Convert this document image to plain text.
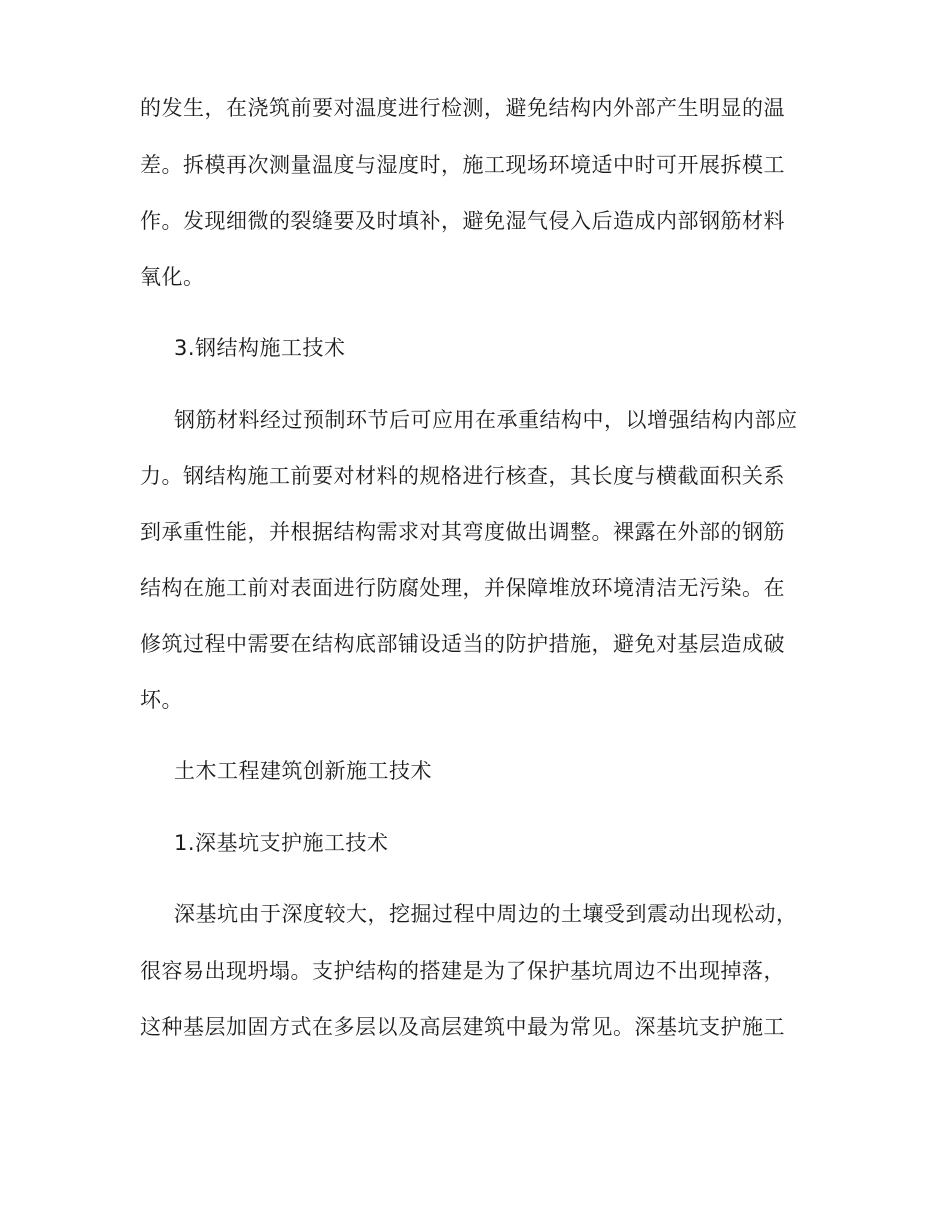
的发生，在浇筑前要对温度进行检测，避免结构内外部产生明显的温
差。拆模再次测量温度与湿度时，施工现场环境适中时可开展拆模工
作。发现细微的裂缝要及时填补，避免湿气侵入后造成内部钢筋材料
氧化。
3.钢结构施工技术
钢筋材料经过预制环节后可应用在承重结构中，以增强结构内部应
力。钢结构施工前要对材料的规格进行核查，其长度与横截面积关系
到承重性能，并根据结构需求对其弯度做出调整。裸露在外部的钢筋
结构在施工前对表面进行防腐处理，并保障堆放环境清洁无污染。在
修筑过程中需要在结构底部铺设适当的防护措施，避免对基层造成破
坏。
土木工程建筑创新施工技术
1.深基坑支护施工技术
深基坑由于深度较大，挖掘过程中周边的土壤受到震动出现松动，
很容易出现坍塌。支护结构的搭建是为了保护基坑周边不出现掉落，
这种基层加固方式在多层以及高层建筑中最为常见。深基坑支护施工
